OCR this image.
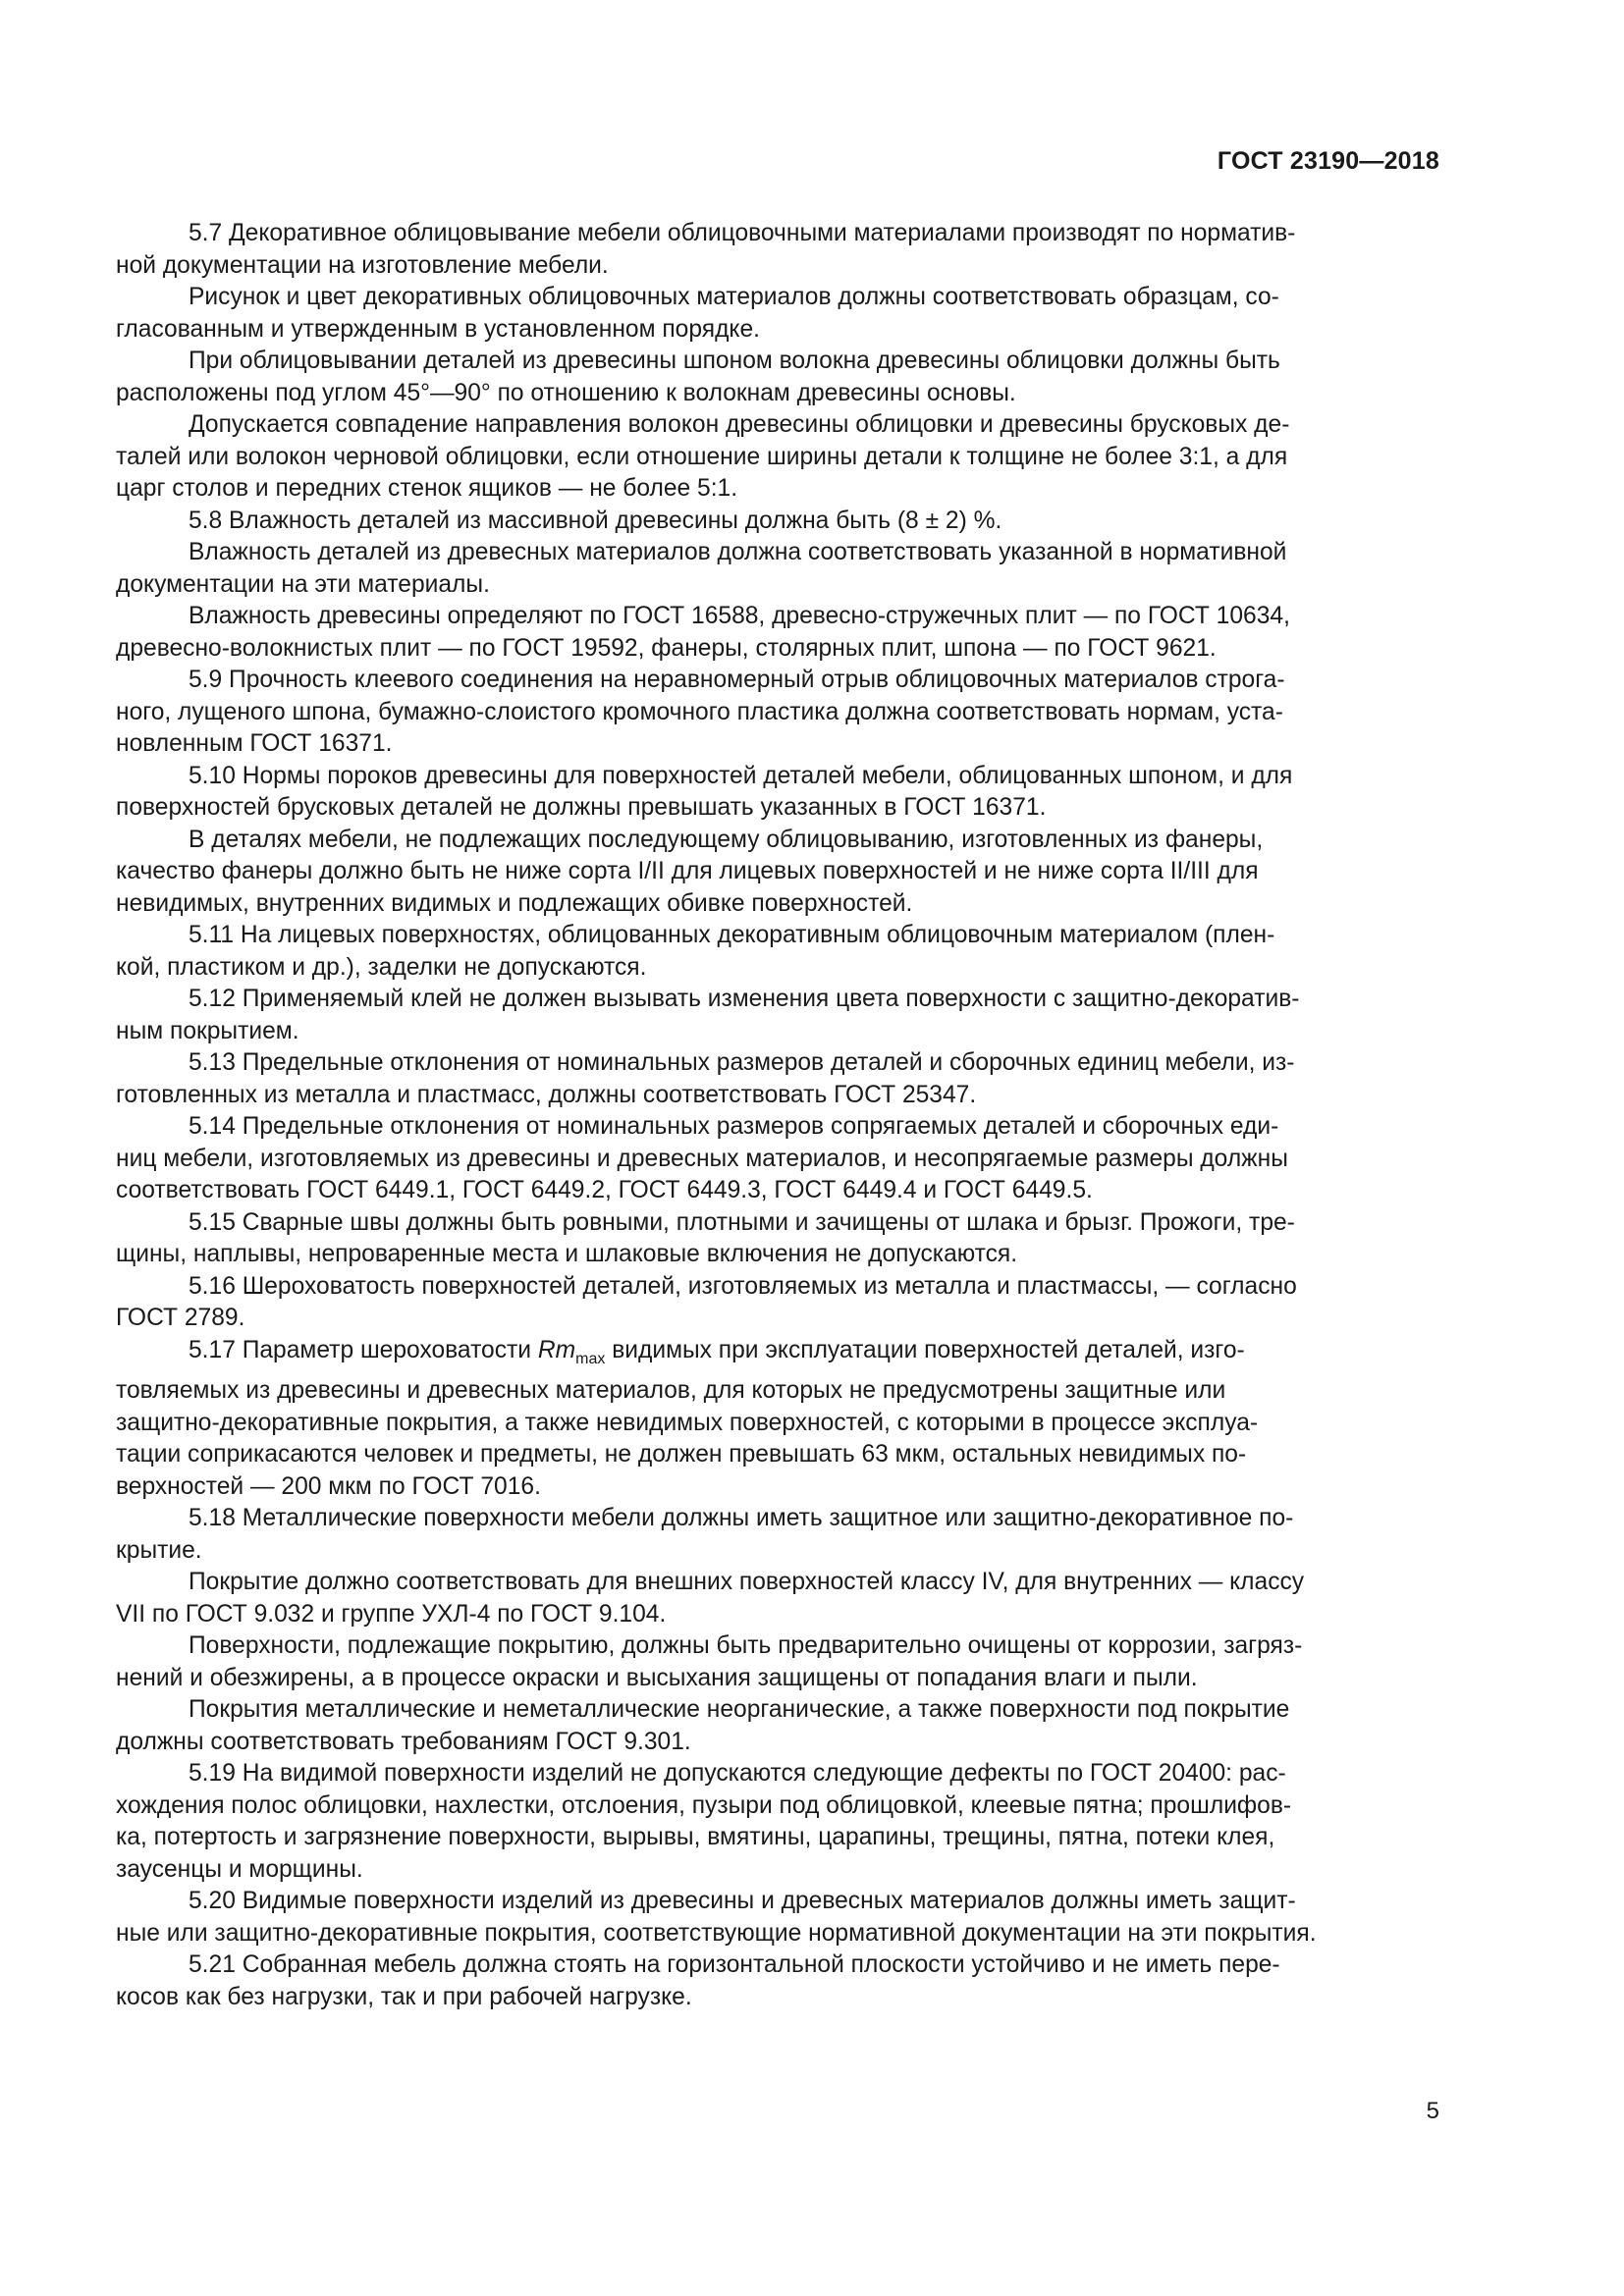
ГОСТ 23190—2018

5.7 Декоративное облицовывание мебели облицовочными материалами производят по норматив-
ной документации на изготовление мебели.

Рисунок и цвет декоративных облицовочных материалов должны соответствовать образцам, со-
гласованным и утвержденным в установленном порядке.

При облицовывании деталей из древесины шпоном волокна древесины облицовки должны быть
расположены под углом 45°—90° по отношению к волокнам древесины основы.

Допускается совпадение направления волокон древесины облицовки и древесины брусковых де-
талей или волокон черновой облицовки, если отношение ширины детали к толщине не более 3:1, а для
царг столов и передних стенок ящиков — не более 5:1.

5.8 Влажность деталей из массивной древесины должна быть (8 ± 2) %.

Влажность деталей из древесных материалов должна соответствовать указанной в нормативной
документации на эти материалы.

Влажность древесины определяют по ГОСТ 16588, древесно-стружечных плит — по ГОСТ 10634,
древесно-волокнистых плит — по ГОСТ 19592, фанеры, столярных плит, шпона — по ГОСТ 9621.

5.9 Прочность клеевого соединения на неравномерный отрыв облицовочных материалов строга-
ного, лущеного шпона, бумажно-слоистого кромочного пластика должна соответствовать нормам, уста-
новленным ГОСТ 16371.

5.10 Нормы пороков древесины для поверхностей деталей мебели, облицованных шпоном, и для
поверхностей брусковых деталей не должны превышать указанных в ГОСТ 16371.

В деталях мебели, не подлежащих последующему облицовыванию, изготовленных из фанеры,
качество фанеры должно быть не ниже сорта I/II для лицевых поверхностей и не ниже сорта II/III для
невидимых, внутренних видимых и подлежащих обивке поверхностей.

5.11 На лицевых поверхностях, облицованных декоративным облицовочным материалом (плен-
кой, пластиком и др.), заделки не допускаются.

5.12 Применяемый клей не должен вызывать изменения цвета поверхности с защитно-декоратив-
ным покрытием.

5.13 Предельные отклонения от номинальных размеров деталей и сборочных единиц мебели, из-
готовленных из металла и пластмасс, должны соответствовать ГОСТ 25347.

5.14 Предельные отклонения от номинальных размеров сопрягаемых деталей и сборочных еди-
ниц мебели, изготовляемых из древесины и древесных материалов, и несопрягаемые размеры должны
соответствовать ГОСТ 6449.1, ГОСТ 6449.2, ГОСТ 6449.3, ГОСТ 6449.4 и ГОСТ 6449.5.

5.15 Сварные швы должны быть ровными, плотными и зачищены от шлака и брызг. Прожоги, тре-
щины, наплывы, непроваренные места и шлаковые включения не допускаются.

5.16 Шероховатость поверхностей деталей, изготовляемых из металла и пластмассы, — согласно
ГОСТ 2789.

5.17 Параметр шероховатости $Rm_{max}$ видимых при эксплуатации поверхностей деталей, изго-
товляемых из древесины и древесных материалов, для которых не предусмотрены защитные или
защитно-декоративные покрытия, а также невидимых поверхностей, с которыми в процессе эксплуа-
тации соприкасаются человек и предметы, не должен превышать 63 мкм, остальных невидимых по-
верхностей — 200 мкм по ГОСТ 7016.

5.18 Металлические поверхности мебели должны иметь защитное или защитно-декоративное по-
крытие.

Покрытие должно соответствовать для внешних поверхностей классу IV, для внутренних — классу
VII по ГОСТ 9.032 и группе УХЛ-4 по ГОСТ 9.104.

Поверхности, подлежащие покрытию, должны быть предварительно очищены от коррозии, загряз-
нений и обезжирены, а в процессе окраски и высыхания защищены от попадания влаги и пыли.

Покрытия металлические и неметаллические неорганические, а также поверхности под покрытие
должны соответствовать требованиям ГОСТ 9.301.

5.19 На видимой поверхности изделий не допускаются следующие дефекты по ГОСТ 20400: рас-
хождения полос облицовки, нахлестки, отслоения, пузыри под облицовкой, клеевые пятна; прошлифов-
ка, потертость и загрязнение поверхности, вырывы, вмятины, царапины, трещины, пятна, потеки клея,
заусенцы и морщины.

5.20 Видимые поверхности изделий из древесины и древесных материалов должны иметь защит-
ные или защитно-декоративные покрытия, соответствующие нормативной документации на эти покрытия.

5.21 Собранная мебель должна стоять на горизонтальной плоскости устойчиво и не иметь пере-
косов как без нагрузки, так и при рабочей нагрузке.

5
